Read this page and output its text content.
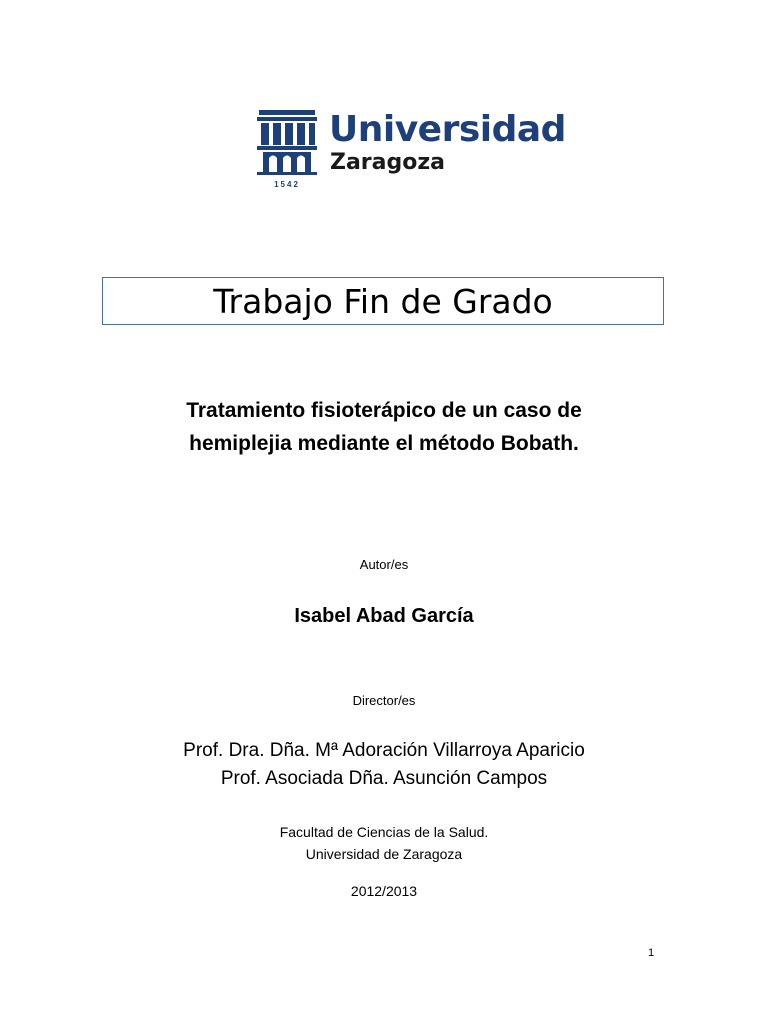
1542
Universidad
Zaragoza
Trabajo Fin de Grado
Tratamiento fisioterápico de un caso de
hemiplejia mediante el método Bobath.
Autor/es
Isabel Abad García
Director/es
Prof. Dra. Dña. Mª Adoración Villarroya Aparicio
Prof. Asociada Dña. Asunción Campos
Facultad de Ciencias de la Salud.
Universidad de Zaragoza
2012/2013
1
